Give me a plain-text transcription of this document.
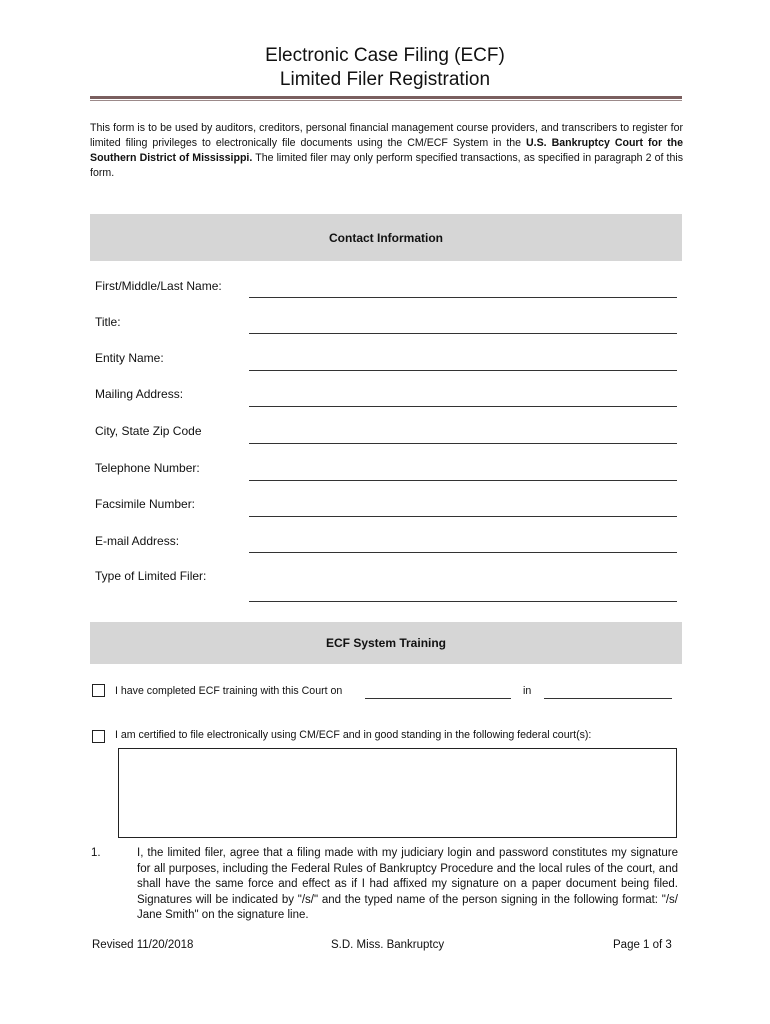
Electronic Case Filing (ECF)
Limited Filer Registration
This form is to be used by auditors, creditors, personal financial management course providers, and transcribers to register for limited filing privileges to electronically file documents using the CM/ECF System in the U.S. Bankruptcy Court for the Southern District of Mississippi. The limited filer may only perform specified transactions, as specified in paragraph 2 of this form.
Contact Information
First/Middle/Last Name:
Title:
Entity Name:
Mailing Address:
City, State Zip Code
Telephone Number:
Facsimile Number:
E-mail Address:
Type of Limited Filer:
ECF System Training
I have completed ECF training with this Court on	in
I am certified to file electronically using CM/ECF and in good standing in the following federal court(s):
1.	I, the limited filer, agree that a filing made with my judiciary login and password constitutes my signature for all purposes, including the Federal Rules of Bankruptcy Procedure and the local rules of the court, and shall have the same force and effect as if I had affixed my signature on a paper document being filed. Signatures will be indicated by "/s/" and the typed name of the person signing in the following format: "/s/ Jane Smith" on the signature line.
Revised 11/20/2018	S.D. Miss. Bankruptcy	Page 1 of 3
